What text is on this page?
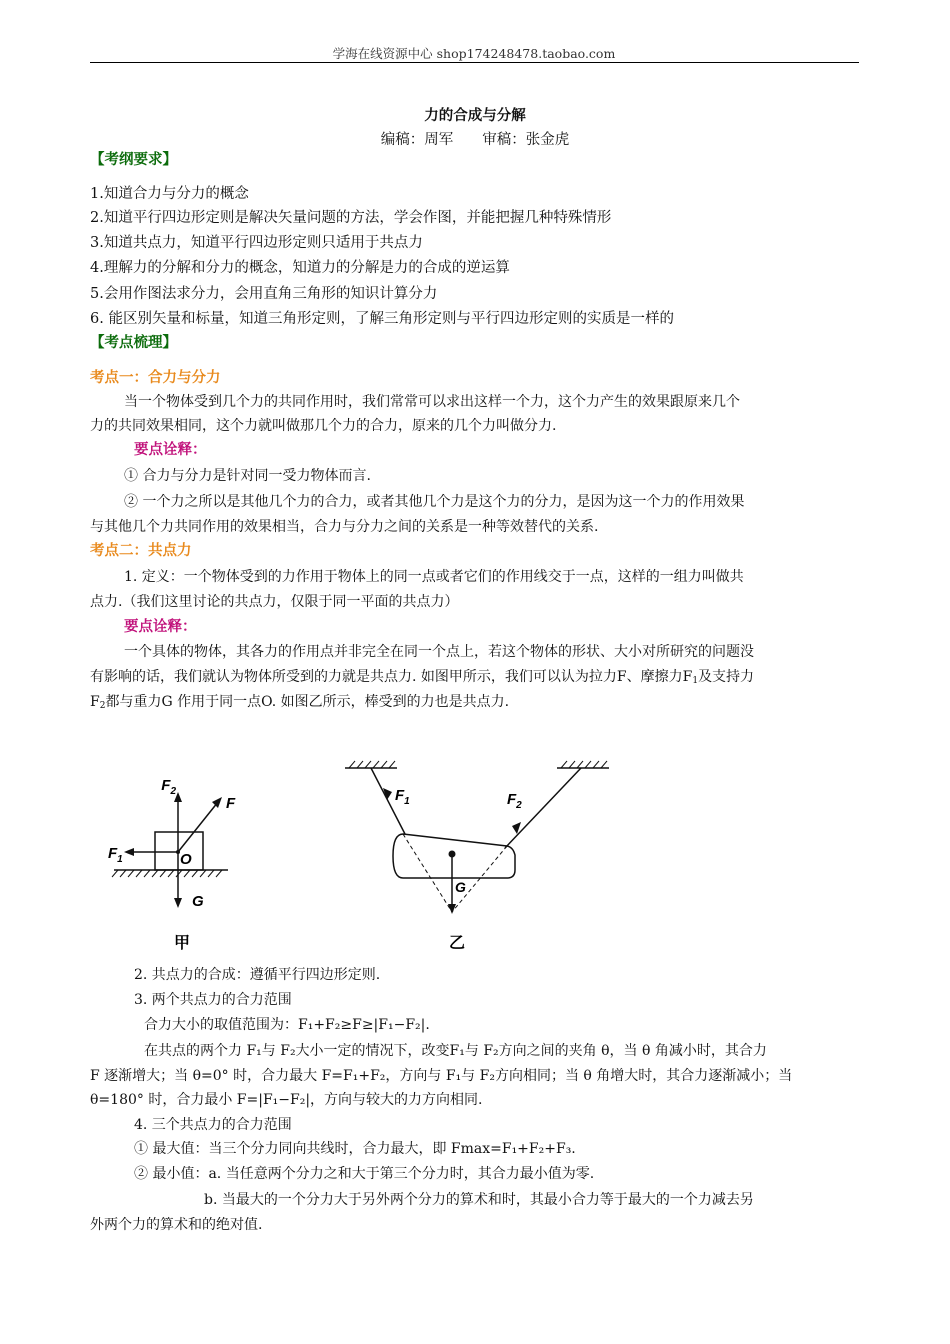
学海在线资源中心 shop174248478.taobao.com
力的合成与分解
编稿：周军　　审稿：张金虎
【考纲要求】
1.知道合力与分力的概念
2.知道平行四边形定则是解决矢量问题的方法，学会作图，并能把握几种特殊情形
3.知道共点力，知道平行四边形定则只适用于共点力
4.理解力的分解和分力的概念，知道力的分解是力的合成的逆运算
5.会用作图法求分力，会用直角三角形的知识计算分力
6. 能区别矢量和标量，知道三角形定则，了解三角形定则与平行四边形定则的实质是一样的
【考点梳理】
考点一：合力与分力
当一个物体受到几个力的共同作用时，我们常常可以求出这样一个力，这个力产生的效果跟原来几个
力的共同效果相同，这个力就叫做那几个力的合力，原来的几个力叫做分力.
要点诠释：
① 合力与分力是针对同一受力物体而言.
② 一个力之所以是其他几个力的合力，或者其他几个力是这个力的分力，是因为这一个力的作用效果
与其他几个力共同作用的效果相当，合力与分力之间的关系是一种等效替代的关系.
考点二：共点力
1. 定义：一个物体受到的力作用于物体上的同一点或者它们的作用线交于一点，这样的一组力叫做共
点力.（我们这里讨论的共点力，仅限于同一平面的共点力）
要点诠释：
一个具体的物体，其各力的作用点并非完全在同一个点上，若这个物体的形状、大小对所研究的问题没
有影响的话，我们就认为物体所受到的力就是共点力. 如图甲所示，我们可以认为拉力F、摩擦力F1及支持力
F2都与重力G 作用于同一点O. 如图乙所示，棒受到的力也是共点力.
$F_2$
F
$F_1$	O
G
甲
$F_1$	$F_2$
G
乙
2. 共点力的合成：遵循平行四边形定则.
3. 两个共点力的合力范围
合力大小的取值范围为：F₁+F₂≥F≥|F₁−F₂|.
在共点的两个力 F₁与 F₂大小一定的情况下，改变F₁与 F₂方向之间的夹角 θ，当 θ 角减小时，其合力
F 逐渐增大；当 θ=0° 时，合力最大 F=F₁+F₂，方向与 F₁与 F₂方向相同；当 θ 角增大时，其合力逐渐减小；当
θ=180° 时，合力最小 F=|F₁−F₂|，方向与较大的力方向相同.
4. 三个共点力的合力范围
① 最大值：当三个分力同向共线时，合力最大，即 Fmax=F₁+F₂+F₃.
② 最小值：a. 当任意两个分力之和大于第三个分力时，其合力最小值为零.
b. 当最大的一个分力大于另外两个分力的算术和时，其最小合力等于最大的一个力减去另
外两个力的算术和的绝对值.
